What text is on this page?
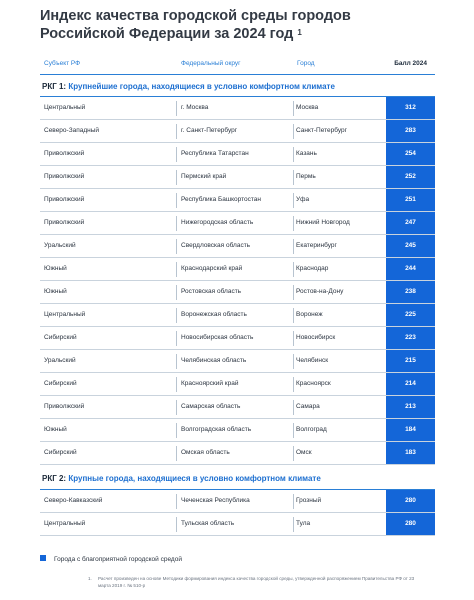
Индекс качества городской среды городов
Российской Федерации за 2024 год $^1$
Субъект РФ	Федеральный округ	Город	Балл 2024
РКГ 1: Крупнейшие города, находящиеся в условно комфортном климате
Центральный	г. Москва	Москва	312
Северо-Западный	г. Санкт-Петербург	Санкт-Петербург	283
Приволжский	Республика Татарстан	Казань	254
Приволжский	Пермский край	Пермь	252
Приволжский	Республика Башкортостан	Уфа	251
Приволжский	Нижегородская область	Нижний Новгород	247
Уральский	Свердловская область	Екатеринбург	245
Южный	Краснодарский край	Краснодар	244
Южный	Ростовская область	Ростов-на-Дону	238
Центральный	Воронежская область	Воронеж	225
Сибирский	Новосибирская область	Новосибирск	223
Уральский	Челябинская область	Челябинск	215
Сибирский	Красноярский край	Красноярск	214
Приволжский	Самарская область	Самара	213
Южный	Волгоградская область	Волгоград	184
Сибирский	Омская область	Омск	183
РКГ 2: Крупные города, находящиеся в условно комфортном климате
Северо-Кавказский	Чеченская Республика	Грозный	280
Центральный	Тульская область	Тула	280
Города с благоприятной городской средой
1. Расчет произведен на основе Методики формирования индекса качества городской среды, утвержденной распоряжением Правительства РФ от 23 марта 2019 г. № 510-р
